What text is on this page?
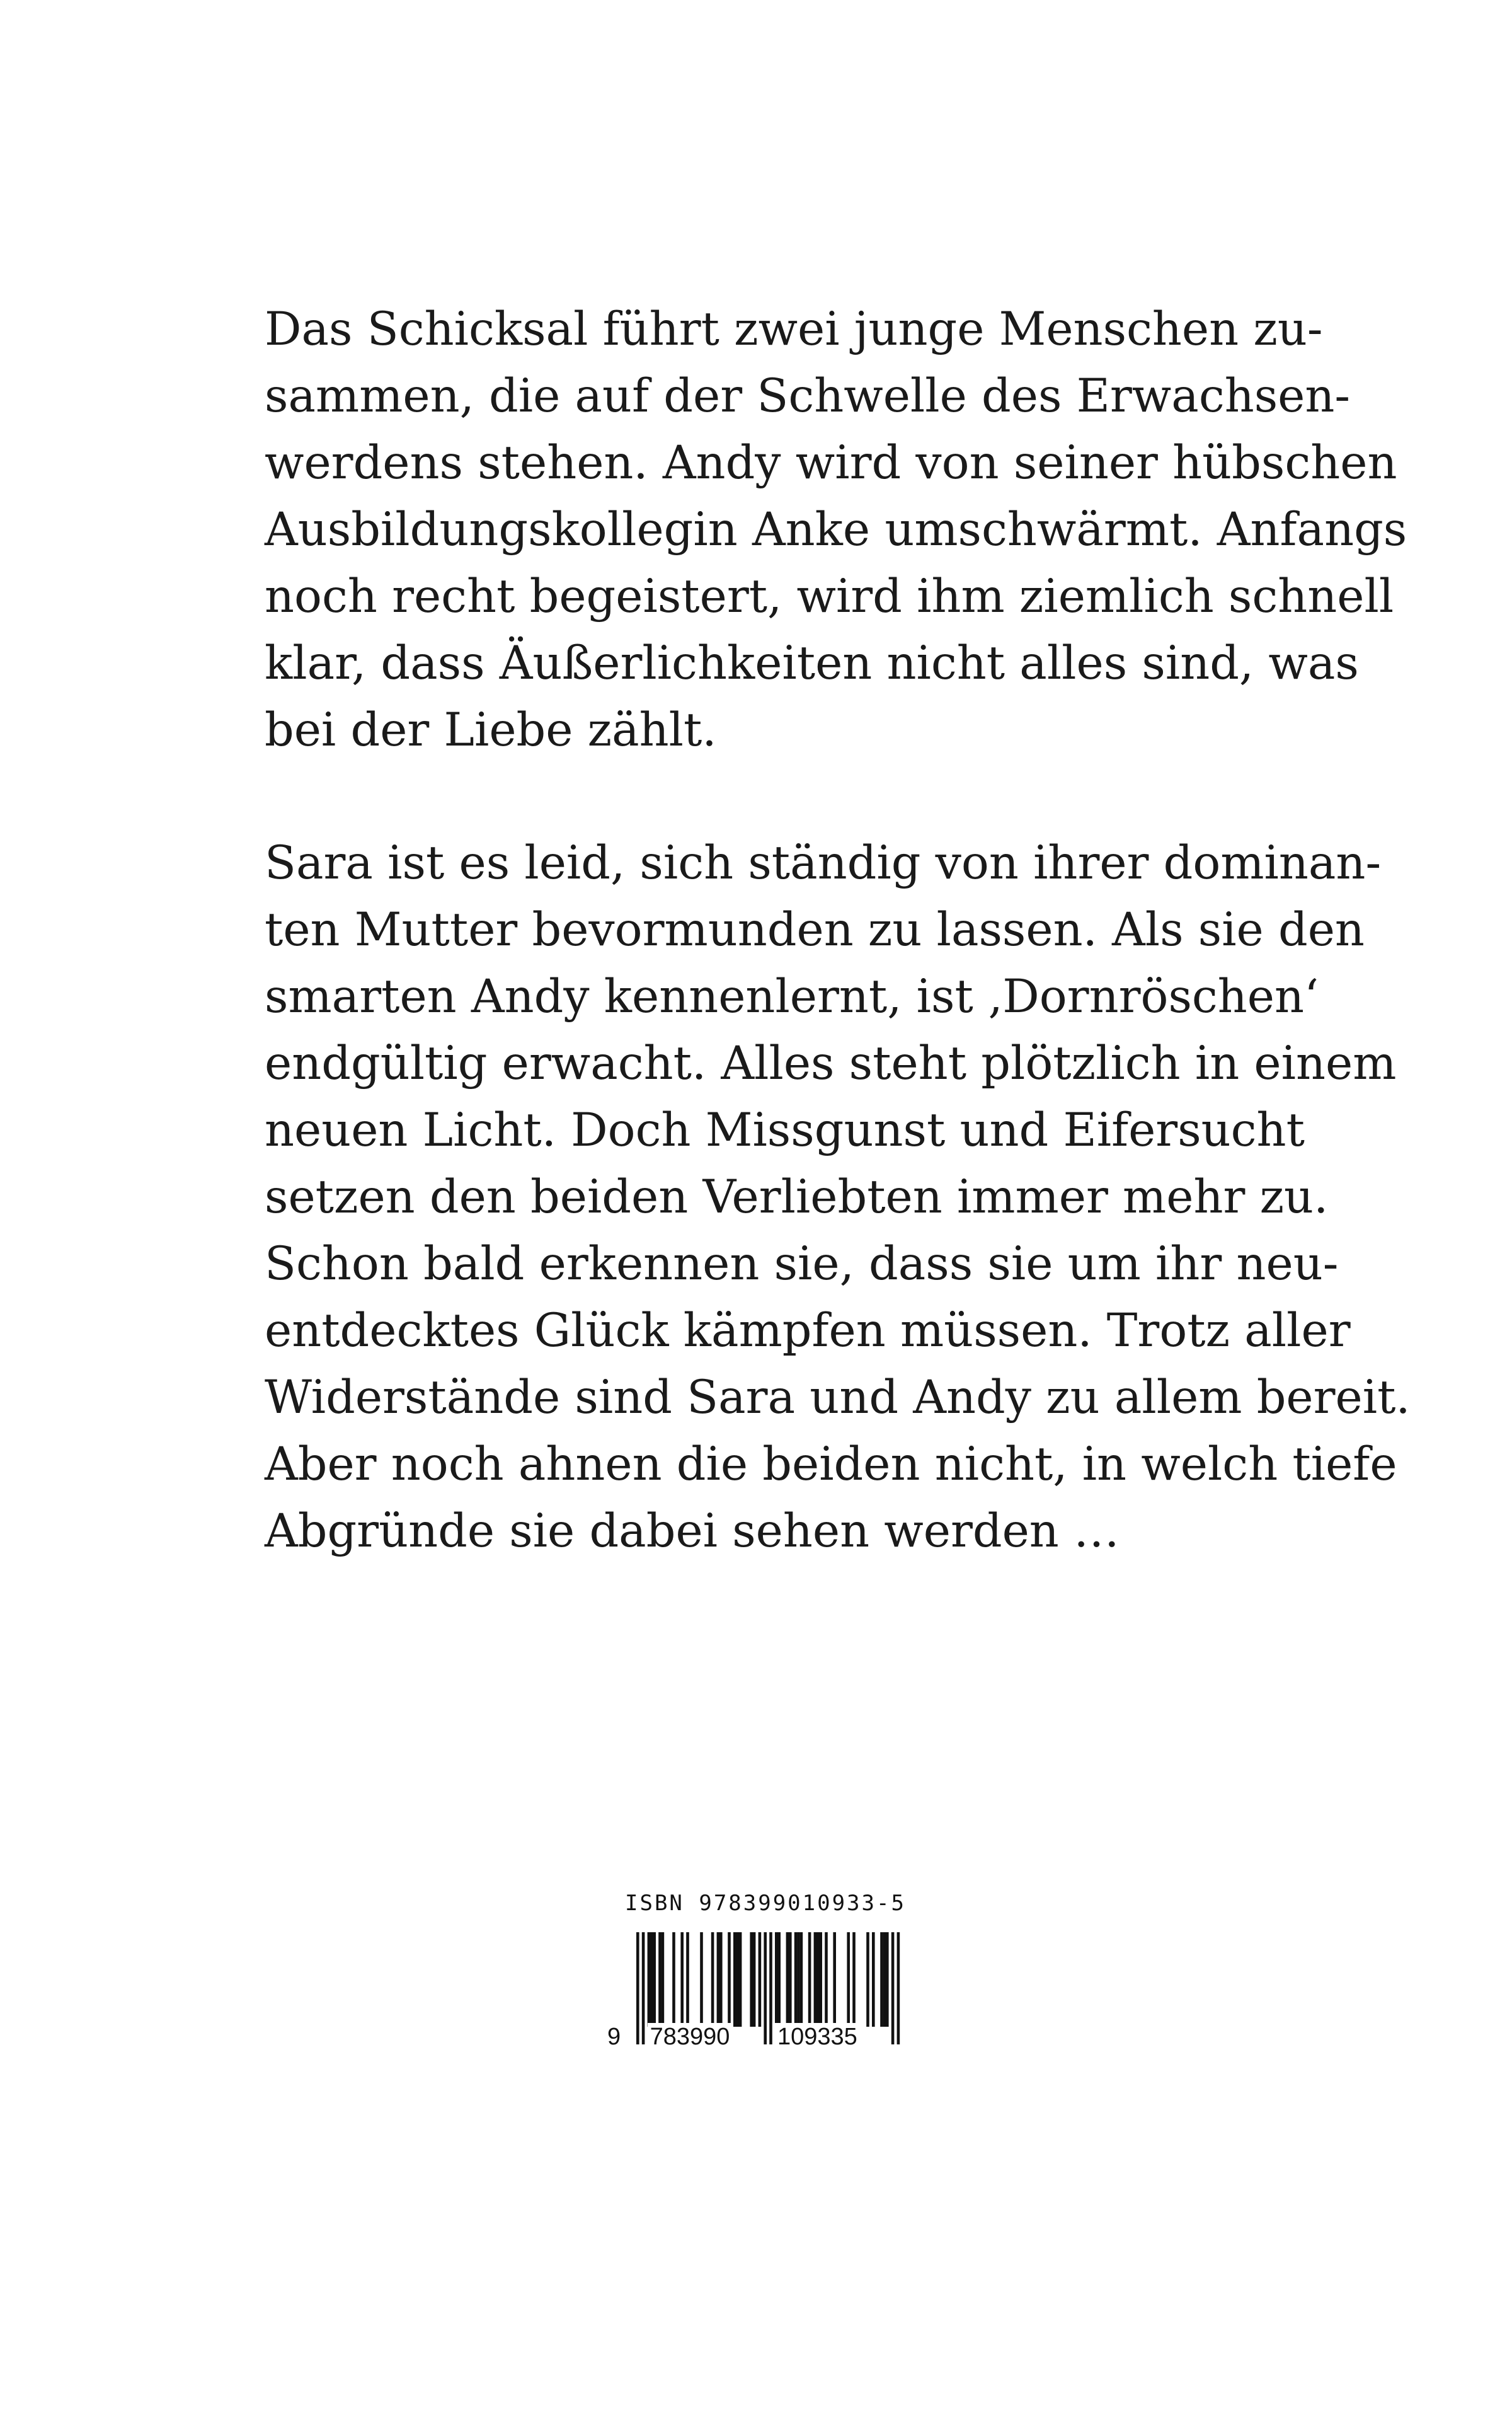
Das Schicksal führt zwei junge Menschen zu-
sammen, die auf der Schwelle des Erwachsen-
werdens stehen. Andy wird von seiner hübschen
Ausbildungskollegin Anke umschwärmt. Anfangs
noch recht begeistert, wird ihm ziemlich schnell
klar, dass Äußerlichkeiten nicht alles sind, was
bei der Liebe zählt.

Sara ist es leid, sich ständig von ihrer dominan-
ten Mutter bevormunden zu lassen. Als sie den
smarten Andy kennenlernt, ist ‚Dornröschen‘
endgültig erwacht. Alles steht plötzlich in einem
neuen Licht. Doch Missgunst und Eifersucht
setzen den beiden Verliebten immer mehr zu.
Schon bald erkennen sie, dass sie um ihr neu-
entdecktes Glück kämpfen müssen. Trotz aller
Widerstände sind Sara und Andy zu allem bereit.
Aber noch ahnen die beiden nicht, in welch tiefe
Abgründe sie dabei sehen werden …

ISBN 978399010933-5
9 783990 109335
